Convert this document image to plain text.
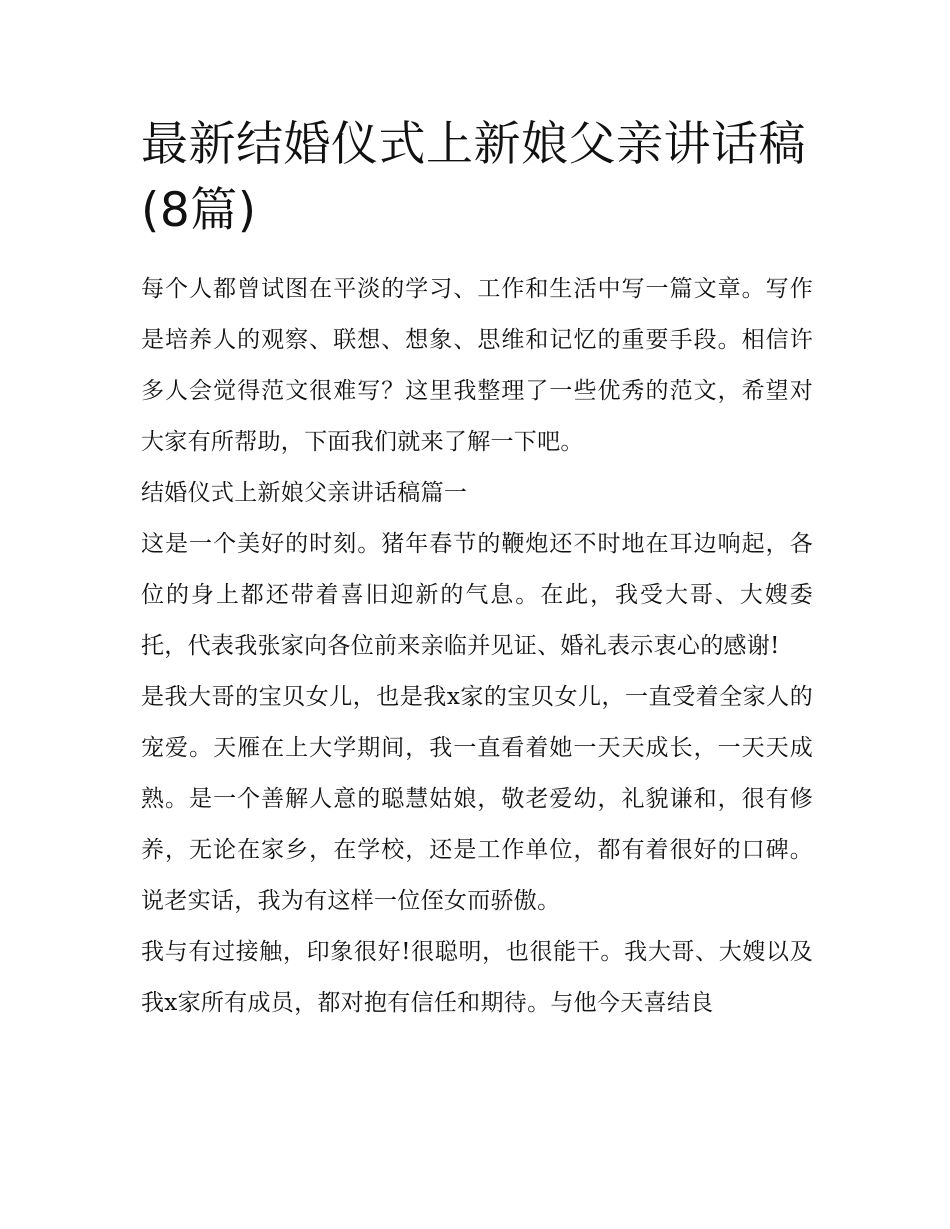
最新结婚仪式上新娘父亲讲话稿(8篇)

每个人都曾试图在平淡的学习、工作和生活中写一篇文章。写作是培养人的观察、联想、想象、思维和记忆的重要手段。相信许多人会觉得范文很难写？这里我整理了一些优秀的范文，希望对大家有所帮助，下面我们就来了解一下吧。

结婚仪式上新娘父亲讲话稿篇一

这是一个美好的时刻。猪年春节的鞭炮还不时地在耳边响起，各位的身上都还带着喜旧迎新的气息。在此，我受大哥、大嫂委托，代表我张家向各位前来亲临并见证、婚礼表示衷心的感谢!

是我大哥的宝贝女儿，也是我x家的宝贝女儿，一直受着全家人的宠爱。天雁在上大学期间，我一直看着她一天天成长，一天天成熟。是一个善解人意的聪慧姑娘，敬老爱幼，礼貌谦和，很有修养，无论在家乡，在学校，还是工作单位，都有着很好的口碑。说老实话，我为有这样一位侄女而骄傲。

我与有过接触，印象很好!很聪明，也很能干。我大哥、大嫂以及我x家所有成员，都对抱有信任和期待。与他今天喜结良
